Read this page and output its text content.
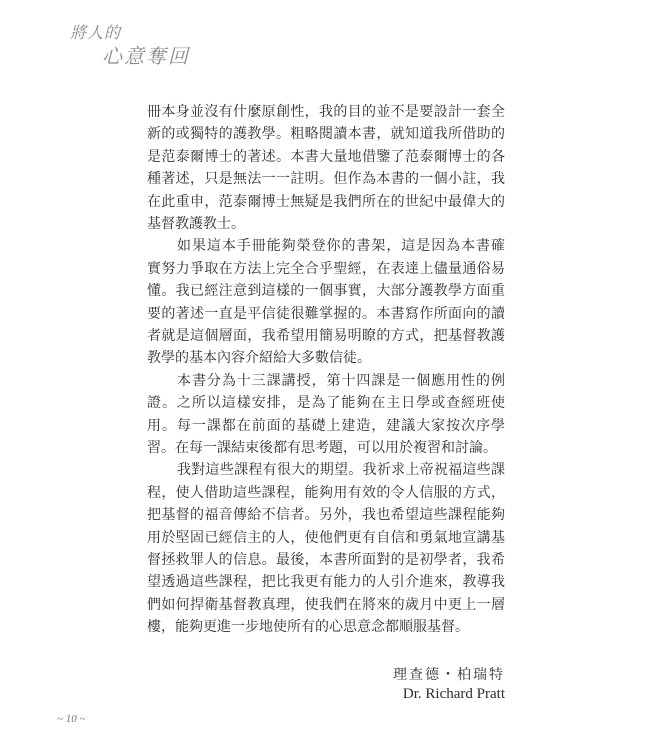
將人的
心意奪回
冊本身並沒有什麼原創性，我的目的並不是要設計一套全
新的或獨特的護教學。粗略閱讀本書，就知道我所借助的
是范泰爾博士的著述。本書大量地借鑒了范泰爾博士的各
種著述，只是無法一一註明。但作為本書的一個小註，我
在此重申，范泰爾博士無疑是我們所在的世紀中最偉大的
基督教護教士。
如果這本手冊能夠榮登你的書架，這是因為本書確
實努力爭取在方法上完全合乎聖經，在表達上儘量通俗易
懂。我已經注意到這樣的一個事實，大部分護教學方面重
要的著述一直是平信徒很難掌握的。本書寫作所面向的讀
者就是這個層面，我希望用簡易明瞭的方式，把基督教護
教學的基本內容介紹給大多數信徒。
本書分為十三課講授，第十四課是一個應用性的例
證。之所以這樣安排，是為了能夠在主日學或查經班使
用。每一課都在前面的基礎上建造，建議大家按次序學
習。在每一課結束後都有思考題，可以用於複習和討論。
我對這些課程有很大的期望。我祈求上帝祝福這些課
程，使人借助這些課程，能夠用有效的令人信服的方式，
把基督的福音傳給不信者。另外，我也希望這些課程能夠
用於堅固已經信主的人，使他們更有自信和勇氣地宣講基
督拯救罪人的信息。最後，本書所面對的是初學者，我希
望透過這些課程，把比我更有能力的人引介進來，教導我
們如何捍衛基督教真理，使我們在將來的歲月中更上一層
樓，能夠更進一步地使所有的心思意念都順服基督。
理查德・柏瑞特
Dr. Richard Pratt
~ 10 ~
